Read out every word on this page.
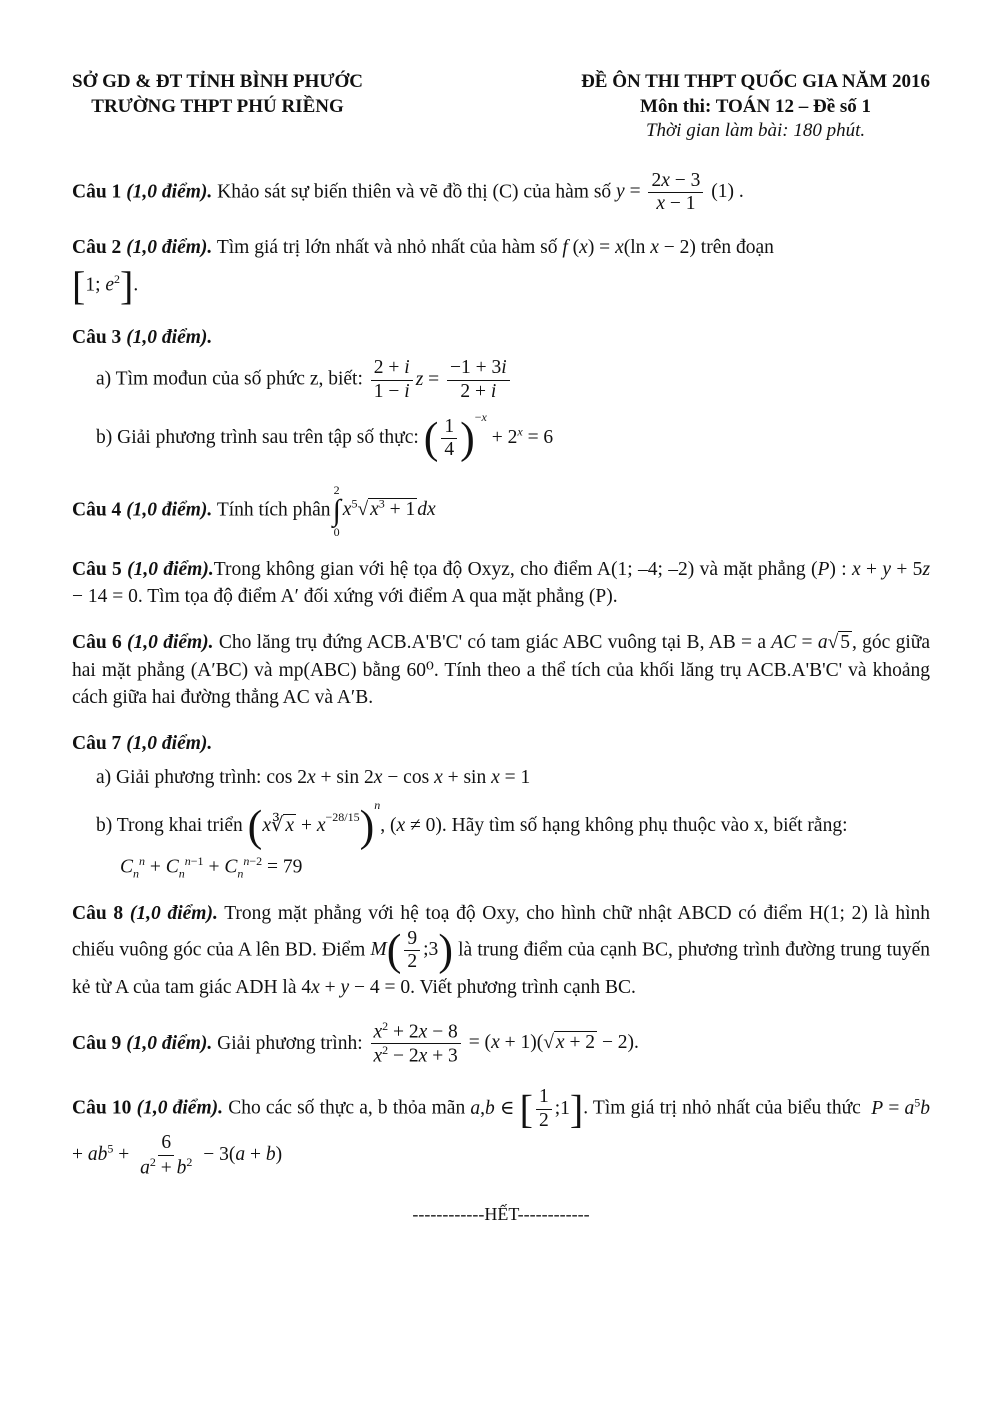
SỞ GD & ĐT TỈNH BÌNH PHƯỚC
TRƯỜNG THPT PHÚ RIỀNG
ĐỀ ÔN THI THPT QUỐC GIA NĂM 2016
Môn thi: TOÁN 12 – Đề số 1
Thời gian làm bài: 180 phút.
Câu 1 (1,0 điểm). Khảo sát sự biến thiên và vẽ đồ thị (C) của hàm số $y = \frac{2x - 3}{x - 1} (1)$ .
Câu 2 (1,0 điểm). Tìm giá trị lớn nhất và nhỏ nhất của hàm số f (x) = x(ln x − 2) trên đoạn
[1; $e^2$].
Câu 3 (1,0 điểm).
a) Tìm mođun của số phức z, biết: $\frac{2 + i}{1 - i}$ $z = \frac{-1 + 3i}{2 + i}$
b) Giải phương trình sau trên tập số thực: ( $\frac{1}{4} )^{-x} + 2^x = 6$
Câu 4 (1,0 điểm). Tính tích phân
2
∫
0
$x^5√$ $x^3 + 1$ dx
Câu 5 (1,0 điểm).Trong không gian với hệ tọa độ Oxyz, cho điểm A(1; –4; –2) và mặt phẳng (P) : x + y + 5z − 14 = 0. Tìm tọa độ điểm A′ đối xứng với điểm A qua mặt phẳng (P).
Câu 6 (1,0 điểm). Cho lăng trụ đứng ACB.A'B'C' có tam giác ABC vuông tại B, AB = a AC = a√ 5 , góc giữa hai mặt phẳng (A′BC) và mp(ABC) bằng 60⁰. Tính theo a thể tích của khối lăng trụ ACB.A'B'C' và khoảng cách giữa hai đường thẳng AC và A′B.
Câu 7 (1,0 điểm).
a) Giải phương trình: cos 2x + sin 2x − cos x + sin x = 1
b) Trong khai triển (x∛ $x + x^{-28/15})^n$, (x ≠ 0). Hãy tìm số hạng không phụ thuộc vào x, biết rằng:
$C_n^n + C_n^{n-1} + C_n^{n-2} = 79$
Câu 8 (1,0 điểm). Trong mặt phẳng với hệ toạ độ Oxy, cho hình chữ nhật ABCD có điểm H(1; 2) là hình chiếu vuông góc của A lên BD. Điểm $M( \frac{9}{2}$ ;3) là trung điểm của cạnh BC, phương trình đường trung tuyến kẻ từ A của tam giác ADH là 4x + y − 4 = 0. Viết phương trình cạnh BC.
Câu 9 (1,0 điểm). Giải phương trình: $\frac{x^2 + 2x - 8}{x^2 - 2x + 3} = (x + 1)(√$ x + 2 − 2).
Câu 10 (1,0 điểm). Cho các số thực a, b thỏa mãn a,b ∈ [ $\frac{1}{2}$ ;1]. Tìm giá trị nhỏ nhất của biểu thức $P = a^5b + ab^5 + \frac{6}{a^2 + b^2} - 3(a + b)$
------------HẾT------------
